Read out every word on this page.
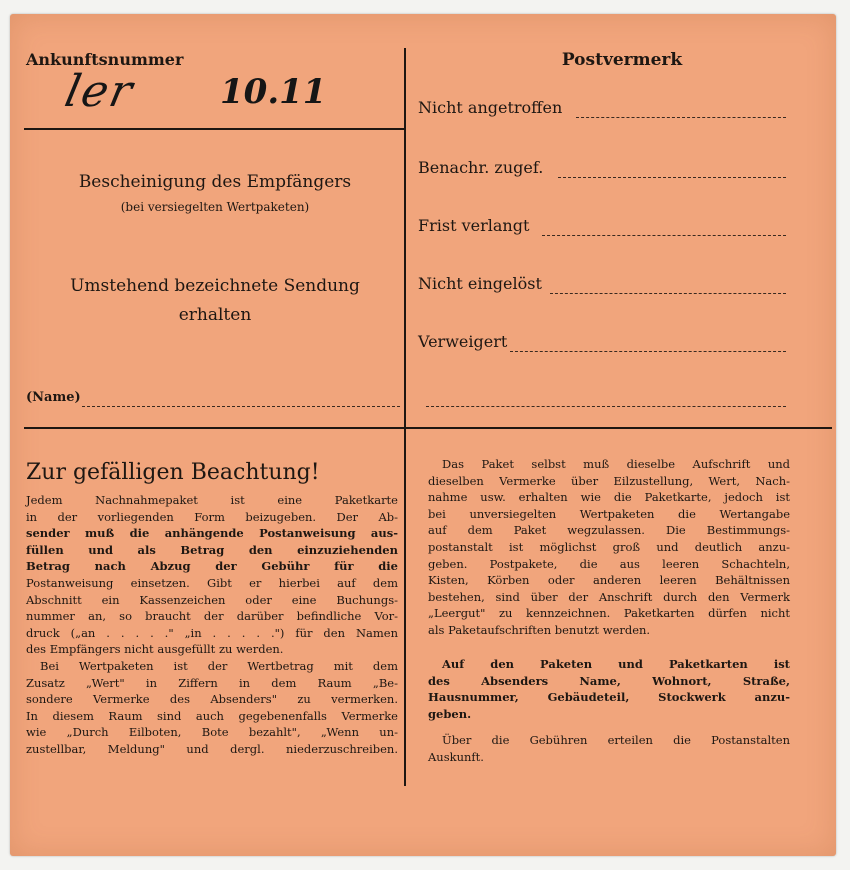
Ankunftsnummer
ler 10.11
Bescheinigung des Empfängers
(bei versiegelten Wertpaketen)
Umstehend bezeichnete Sendung
erhalten
(Name)
Postvermerk
Nicht angetroffen
Benachr. zugef.
Frist verlangt
Nicht eingelöst
Verweigert
Zur gefälligen Beachtung!
Jedem Nachnahmepaket ist eine Paketkarte
in der vorliegenden Form beizugeben. Der Ab-
sender muß die anhängende Postanweisung aus-
füllen und als Betrag den einzuziehenden
Betrag nach Abzug der Gebühr für die
Postanweisung einsetzen. Gibt er hierbei auf dem
Abschnitt ein Kassenzeichen oder eine Buchungs-
nummer an, so braucht der darüber befindliche Vor-
druck („an . . . . ." „in . . . . .") für den Namen
des Empfängers nicht ausgefüllt zu werden.
Bei Wertpaketen ist der Wertbetrag mit dem
Zusatz „Wert" in Ziffern in dem Raum „Be-
sondere Vermerke des Absenders" zu vermerken.
In diesem Raum sind auch gegebenenfalls Vermerke
wie „Durch Eilboten, Bote bezahlt", „Wenn un-
zustellbar, Meldung" und dergl. niederzuschreiben.
Das Paket selbst muß dieselbe Aufschrift und
dieselben Vermerke über Eilzustellung, Wert, Nach-
nahme usw. erhalten wie die Paketkarte, jedoch ist
bei unversiegelten Wertpaketen die Wertangabe
auf dem Paket wegzulassen. Die Bestimmungs-
postanstalt ist möglichst groß und deutlich anzu-
geben. Postpakete, die aus leeren Schachteln,
Kisten, Körben oder anderen leeren Behältnissen
bestehen, sind über der Anschrift durch den Vermerk
„Leergut" zu kennzeichnen. Paketkarten dürfen nicht
als Paketaufschriften benutzt werden.
Auf den Paketen und Paketkarten ist
des Absenders Name, Wohnort, Straße,
Hausnummer, Gebäudeteil, Stockwerk anzu-
geben.
Über die Gebühren erteilen die Postanstalten
Auskunft.
